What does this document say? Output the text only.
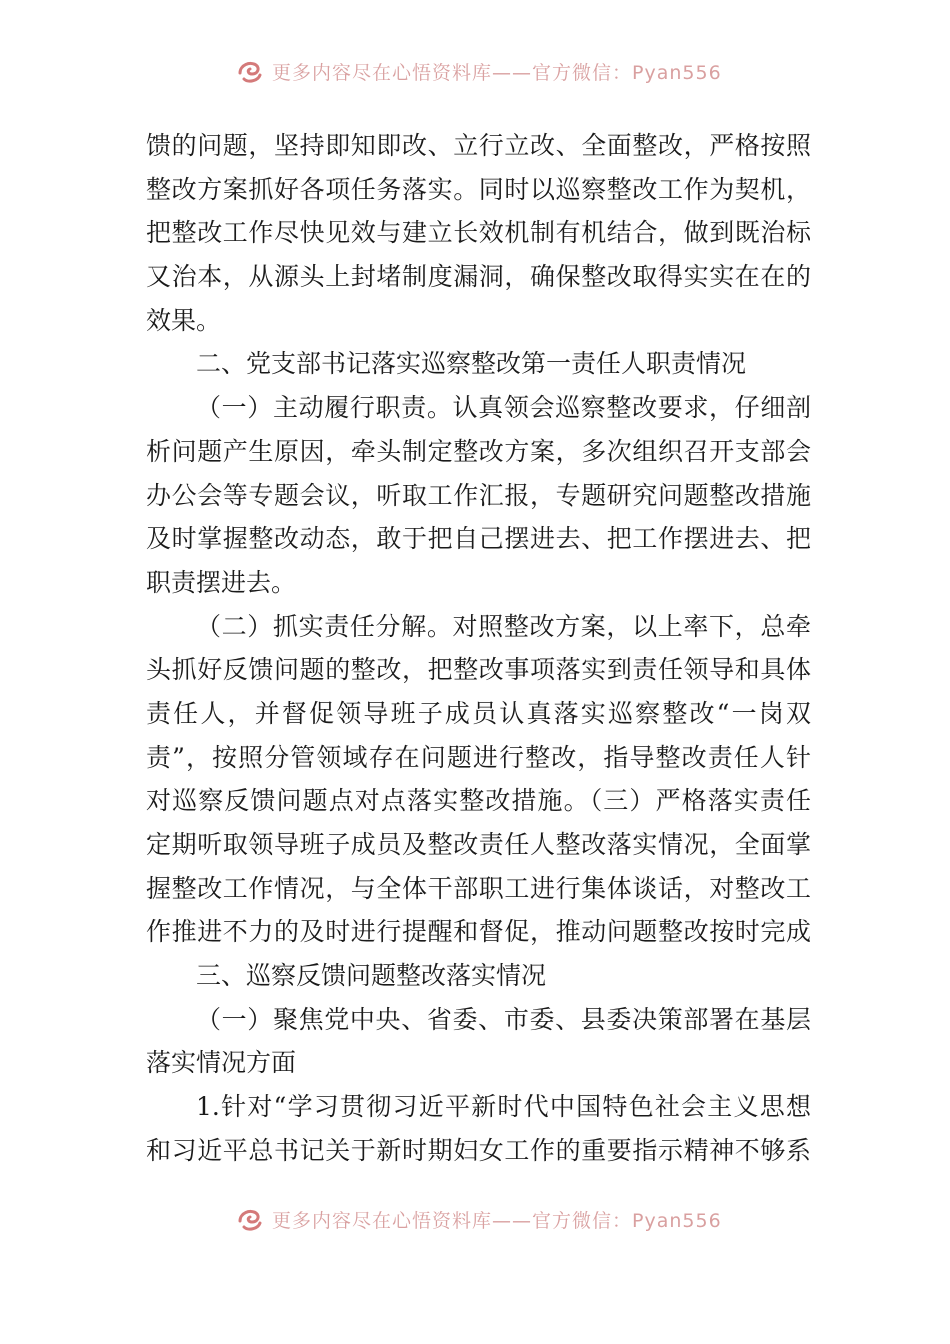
更多内容尽在心悟资料库——官方微信：Pyan556
馈的问题，坚持即知即改、立行立改、全面整改，严格按照
整改方案抓好各项任务落实。同时以巡察整改工作为契机，
把整改工作尽快见效与建立长效机制有机结合，做到既治标
又治本，从源头上封堵制度漏洞，确保整改取得实实在在的
效果。
二、党支部书记落实巡察整改第一责任人职责情况
（一）主动履行职责。认真领会巡察整改要求，仔细剖
析问题产生原因，牵头制定整改方案，多次组织召开支部会
办公会等专题会议，听取工作汇报，专题研究问题整改措施
及时掌握整改动态，敢于把自己摆进去、把工作摆进去、把
职责摆进去。
（二）抓实责任分解。对照整改方案，以上率下，总牵
头抓好反馈问题的整改，把整改事项落实到责任领导和具体
责任人，并督促领导班子成员认真落实巡察整改“一岗双
责”，按照分管领域存在问题进行整改，指导整改责任人针
对巡察反馈问题点对点落实整改措施。（三）严格落实责任
定期听取领导班子成员及整改责任人整改落实情况，全面掌
握整改工作情况，与全体干部职工进行集体谈话，对整改工
作推进不力的及时进行提醒和督促，推动问题整改按时完成
三、巡察反馈问题整改落实情况
（一）聚焦党中央、省委、市委、县委决策部署在基层
落实情况方面
1.针对“学习贯彻习近平新时代中国特色社会主义思想
和习近平总书记关于新时期妇女工作的重要指示精神不够系
更多内容尽在心悟资料库——官方微信：Pyan556
